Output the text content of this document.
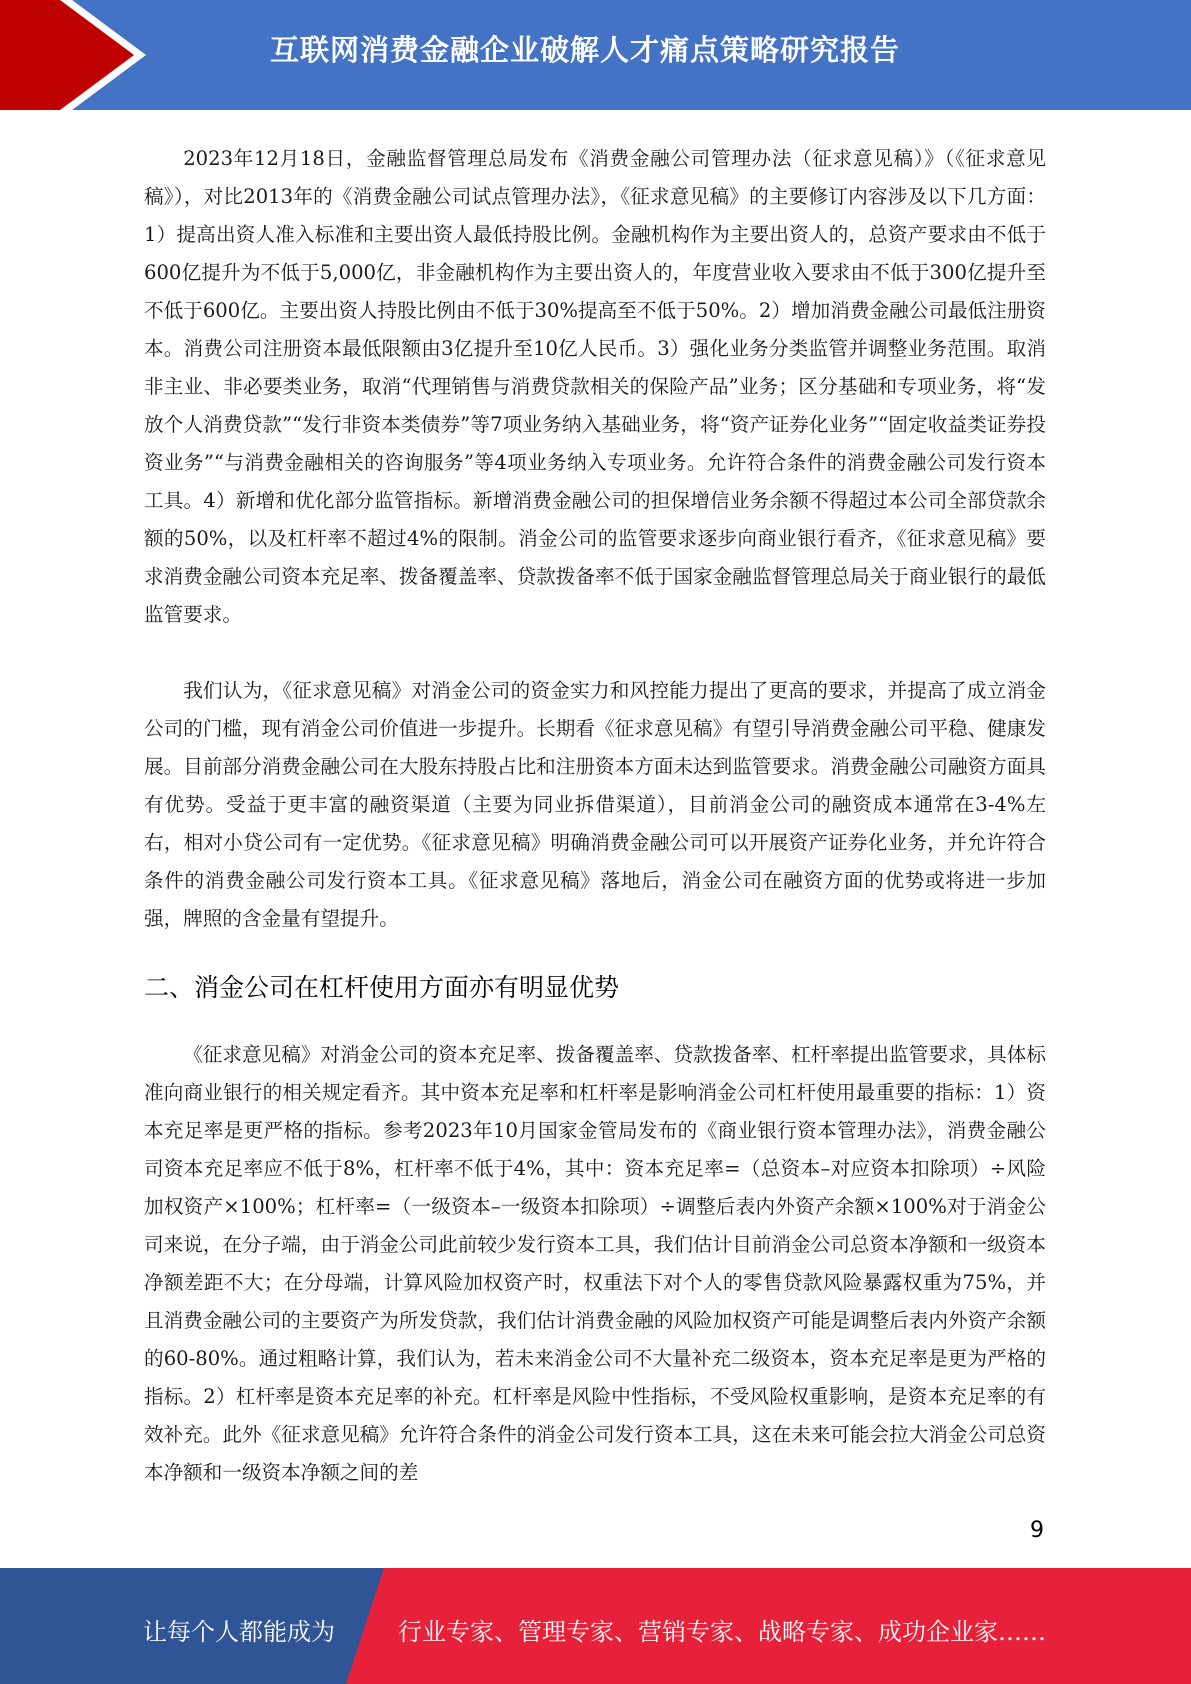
互联网消费金融企业破解人才痛点策略研究报告

2023年12月18日，金融监督管理总局发布《消费金融公司管理办法（征求意见稿）》（《征求意见稿》），对比2013年的《消费金融公司试点管理办法》，《征求意见稿》的主要修订内容涉及以下几方面：1）提高出资人准入标准和主要出资人最低持股比例。金融机构作为主要出资人的，总资产要求由不低于600亿提升为不低于5,000亿，非金融机构作为主要出资人的，年度营业收入要求由不低于300亿提升至不低于600亿。主要出资人持股比例由不低于30%提高至不低于50%。2）增加消费金融公司最低注册资本。消费公司注册资本最低限额由3亿提升至10亿人民币。3）强化业务分类监管并调整业务范围。取消非主业、非必要类业务，取消“代理销售与消费贷款相关的保险产品”业务；区分基础和专项业务，将“发放个人消费贷款”“发行非资本类债券”等7项业务纳入基础业务，将“资产证券化业务”“固定收益类证券投资业务”“与消费金融相关的咨询服务”等4项业务纳入专项业务。允许符合条件的消费金融公司发行资本工具。4）新增和优化部分监管指标。新增消费金融公司的担保增信业务余额不得超过本公司全部贷款余额的50%，以及杠杆率不超过4%的限制。消金公司的监管要求逐步向商业银行看齐，《征求意见稿》要求消费金融公司资本充足率、拨备覆盖率、贷款拨备率不低于国家金融监督管理总局关于商业银行的最低监管要求。

我们认为，《征求意见稿》对消金公司的资金实力和风控能力提出了更高的要求，并提高了成立消金公司的门槛，现有消金公司价值进一步提升。长期看《征求意见稿》有望引导消费金融公司平稳、健康发展。目前部分消费金融公司在大股东持股占比和注册资本方面未达到监管要求。消费金融公司融资方面具有优势。受益于更丰富的融资渠道（主要为同业拆借渠道），目前消金公司的融资成本通常在3-4%左右，相对小贷公司有一定优势。《征求意见稿》明确消费金融公司可以开展资产证券化业务，并允许符合条件的消费金融公司发行资本工具。《征求意见稿》落地后，消金公司在融资方面的优势或将进一步加强，牌照的含金量有望提升。

二、消金公司在杠杆使用方面亦有明显优势

《征求意见稿》对消金公司的资本充足率、拨备覆盖率、贷款拨备率、杠杆率提出监管要求，具体标准向商业银行的相关规定看齐。其中资本充足率和杠杆率是影响消金公司杠杆使用最重要的指标：1）资本充足率是更严格的指标。参考2023年10月国家金管局发布的《商业银行资本管理办法》，消费金融公司资本充足率应不低于8%，杠杆率不低于4%，其中：资本充足率=（总资本–对应资本扣除项）÷风险加权资产×100%；杠杆率=（一级资本–一级资本扣除项）÷调整后表内外资产余额×100%对于消金公司来说，在分子端，由于消金公司此前较少发行资本工具，我们估计目前消金公司总资本净额和一级资本净额差距不大；在分母端，计算风险加权资产时，权重法下对个人的零售贷款风险暴露权重为75%，并且消费金融公司的主要资产为所发贷款，我们估计消费金融的风险加权资产可能是调整后表内外资产余额的60-80%。通过粗略计算，我们认为，若未来消金公司不大量补充二级资本，资本充足率是更为严格的指标。2）杠杆率是资本充足率的补充。杠杆率是风险中性指标，不受风险权重影响，是资本充足率的有效补充。此外《征求意见稿》允许符合条件的消金公司发行资本工具，这在未来可能会拉大消金公司总资本净额和一级资本净额之间的差

9
让每个人都能成为	行业专家、管理专家、营销专家、战略专家、成功企业家……
